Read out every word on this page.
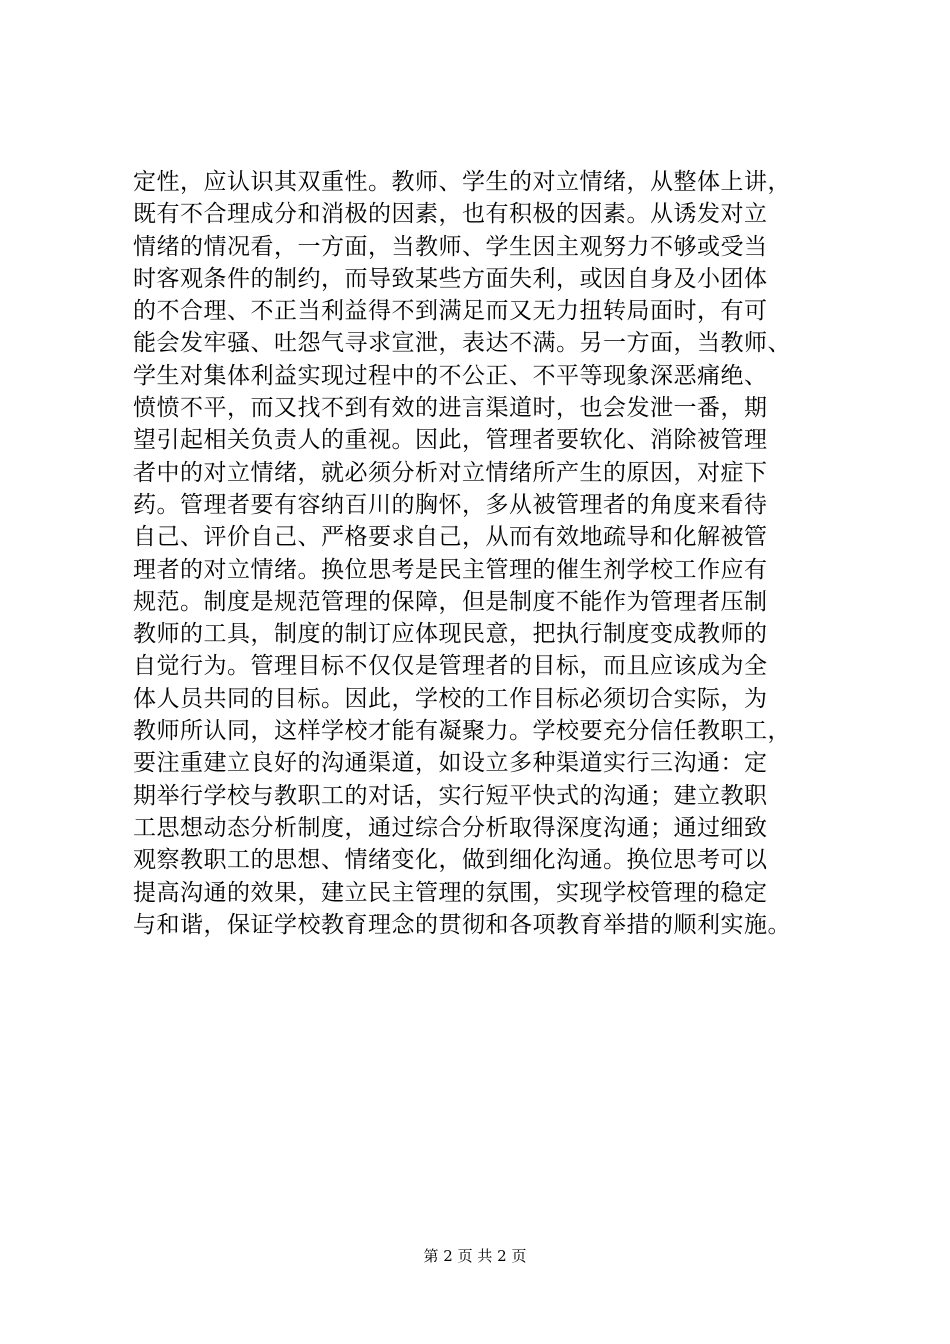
定性，应认识其双重性。教师、学生的对立情绪，从整体上讲，
既有不合理成分和消极的因素，也有积极的因素。从诱发对立
情绪的情况看，一方面，当教师、学生因主观努力不够或受当
时客观条件的制约，而导致某些方面失利，或因自身及小团体
的不合理、不正当利益得不到满足而又无力扭转局面时，有可
能会发牢骚、吐怨气寻求宣泄，表达不满。另一方面，当教师、
学生对集体利益实现过程中的不公正、不平等现象深恶痛绝、
愤愤不平，而又找不到有效的进言渠道时，也会发泄一番，期
望引起相关负责人的重视。因此，管理者要软化、消除被管理
者中的对立情绪，就必须分析对立情绪所产生的原因，对症下
药。管理者要有容纳百川的胸怀，多从被管理者的角度来看待
自己、评价自己、严格要求自己，从而有效地疏导和化解被管
理者的对立情绪。换位思考是民主管理的催生剂学校工作应有
规范。制度是规范管理的保障，但是制度不能作为管理者压制
教师的工具，制度的制订应体现民意，把执行制度变成教师的
自觉行为。管理目标不仅仅是管理者的目标，而且应该成为全
体人员共同的目标。因此，学校的工作目标必须切合实际，为
教师所认同，这样学校才能有凝聚力。学校要充分信任教职工，
要注重建立良好的沟通渠道，如设立多种渠道实行三沟通：定
期举行学校与教职工的对话，实行短平快式的沟通；建立教职
工思想动态分析制度，通过综合分析取得深度沟通；通过细致
观察教职工的思想、情绪变化，做到细化沟通。换位思考可以
提高沟通的效果，建立民主管理的氛围，实现学校管理的稳定
与和谐，保证学校教育理念的贯彻和各项教育举措的顺利实施。
第 2 页 共 2 页
